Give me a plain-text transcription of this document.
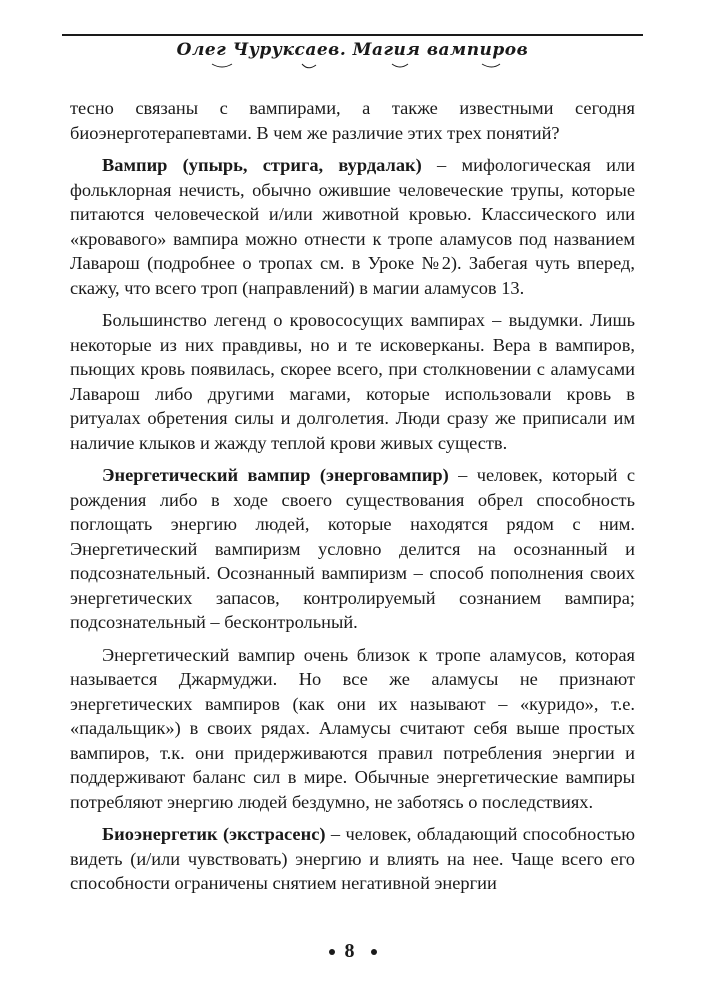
Олег Чуруксаев. Магия вампиров

тесно связаны с вампирами, а также известными сегодня биоэнерготерапевтами. В чем же различие этих трех понятий?

Вампир (упырь, стрига, вурдалак) – мифологическая или фольклорная нечисть, обычно ожившие человеческие трупы, которые питаются человеческой и/или животной кровью. Классического или «кровавого» вампира можно отнести к тропе аламусов под названием Лаварош (подробнее о тропах см. в Уроке №2). Забегая чуть вперед, скажу, что всего троп (направлений) в магии аламусов 13.

Большинство легенд о кровососущих вампирах – выдумки. Лишь некоторые из них правдивы, но и те исковерканы. Вера в вампиров, пьющих кровь появилась, скорее всего, при столкновении с аламусами Лаварош либо другими магами, которые использовали кровь в ритуалах обретения силы и долголетия. Люди сразу же приписали им наличие клыков и жажду теплой крови живых существ.

Энергетический вампир (энерговампир) – человек, который с рождения либо в ходе своего существования обрел способность поглощать энергию людей, которые находятся рядом с ним. Энергетический вампиризм условно делится на осознанный и подсознательный. Осознанный вампиризм – способ пополнения своих энергетических запасов, контролируемый сознанием вампира; подсознательный – бесконтрольный.

Энергетический вампир очень близок к тропе аламусов, которая называется Джармуджи. Но все же аламусы не признают энергетических вампиров (как они их называют – «куридо», т.е. «падальщик») в своих рядах. Аламусы считают себя выше простых вампиров, т.к. они придерживаются правил потребления энергии и поддерживают баланс сил в мире. Обычные энергетические вампиры потребляют энергию людей бездумно, не заботясь о последствиях.

Биоэнергетик (экстрасенс) – человек, обладающий способностью видеть (и/или чувствовать) энергию и влиять на нее. Чаще всего его способности ограничены снятием негативной энергии

8
